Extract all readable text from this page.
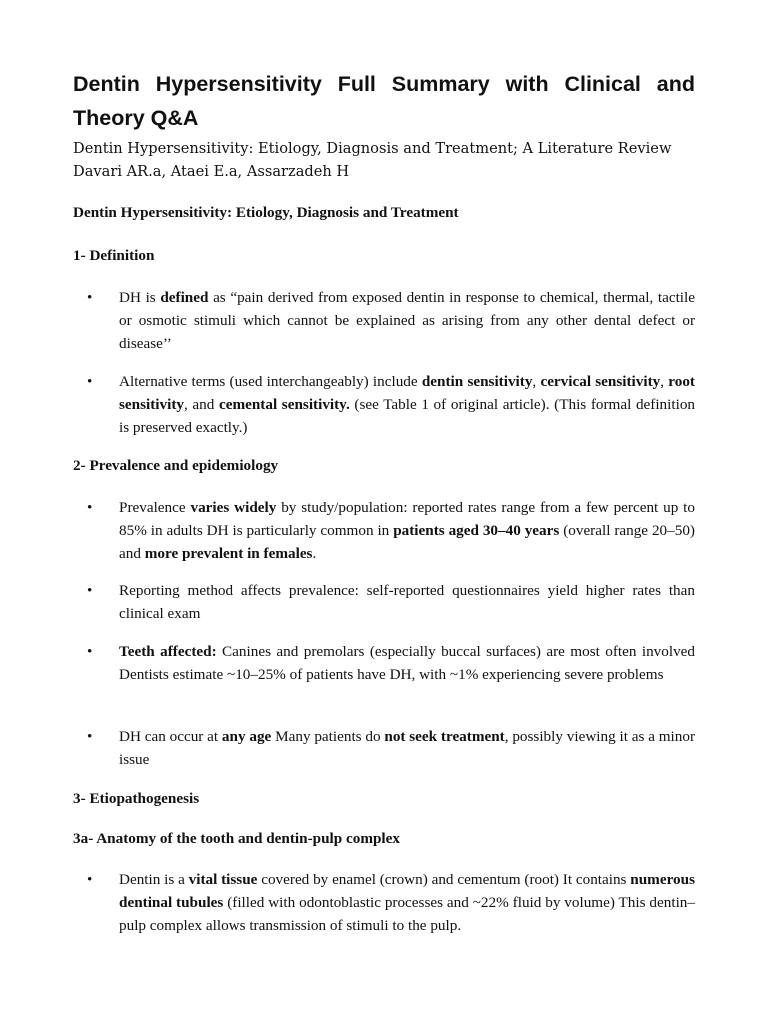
Dentin Hypersensitivity Full Summary with Clinical and Theory Q&A
Dentin Hypersensitivity: Etiology, Diagnosis and Treatment; A Literature Review
Davari AR.a, Ataei E.a, Assarzadeh H
Dentin Hypersensitivity: Etiology, Diagnosis and Treatment
1- Definition
• DH is defined as “pain derived from exposed dentin in response to chemical, thermal, tactile or osmotic stimuli which cannot be explained as arising from any other dental defect or disease’’
• Alternative terms (used interchangeably) include dentin sensitivity, cervical sensitivity, root sensitivity, and cemental sensitivity. (see Table 1 of original article). (This formal definition is preserved exactly.)
2- Prevalence and epidemiology
• Prevalence varies widely by study/population: reported rates range from a few percent up to 85% in adults DH is particularly common in patients aged 30–40 years (overall range 20–50) and more prevalent in females.
• Reporting method affects prevalence: self-reported questionnaires yield higher rates than clinical exam
• Teeth affected: Canines and premolars (especially buccal surfaces) are most often involved Dentists estimate ~10–25% of patients have DH, with ~1% experiencing severe problems
• DH can occur at any age Many patients do not seek treatment, possibly viewing it as a minor issue
3- Etiopathogenesis
3a- Anatomy of the tooth and dentin-pulp complex
• Dentin is a vital tissue covered by enamel (crown) and cementum (root) It contains numerous dentinal tubules (filled with odontoblastic processes and ~22% fluid by volume) This dentin–pulp complex allows transmission of stimuli to the pulp.
